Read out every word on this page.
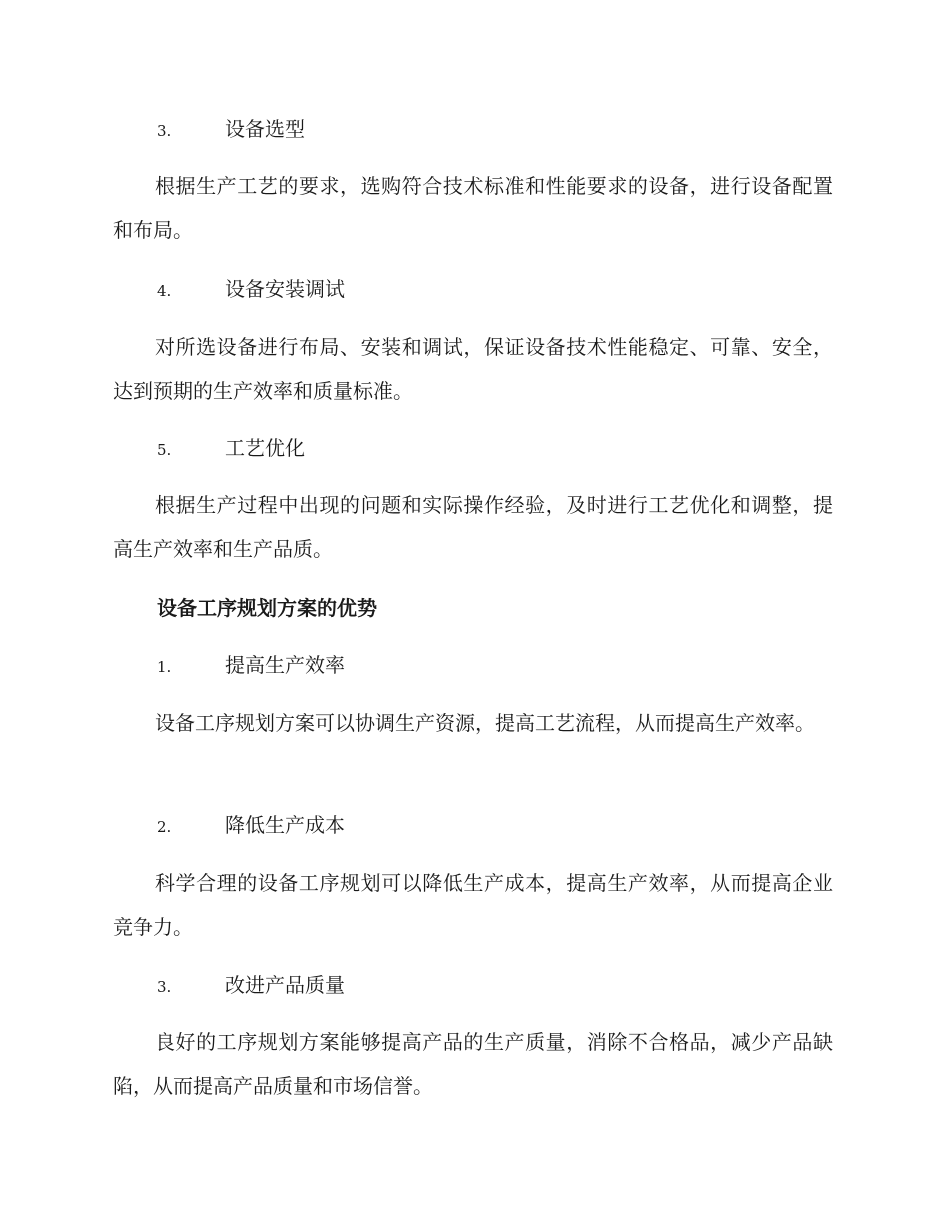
3.	设备选型

根据生产工艺的要求，选购符合技术标准和性能要求的设备，进行设备配置和布局。

4.	设备安装调试

对所选设备进行布局、安装和调试，保证设备技术性能稳定、可靠、安全，达到预期的生产效率和质量标准。

5.	工艺优化

根据生产过程中出现的问题和实际操作经验，及时进行工艺优化和调整，提高生产效率和生产品质。

设备工序规划方案的优势
1.	提高生产效率

设备工序规划方案可以协调生产资源，提高工艺流程，从而提高生产效率。

2.	降低生产成本

科学合理的设备工序规划可以降低生产成本，提高生产效率，从而提高企业竞争力。

3.	改进产品质量

良好的工序规划方案能够提高产品的生产质量，消除不合格品，减少产品缺陷，从而提高产品质量和市场信誉。
